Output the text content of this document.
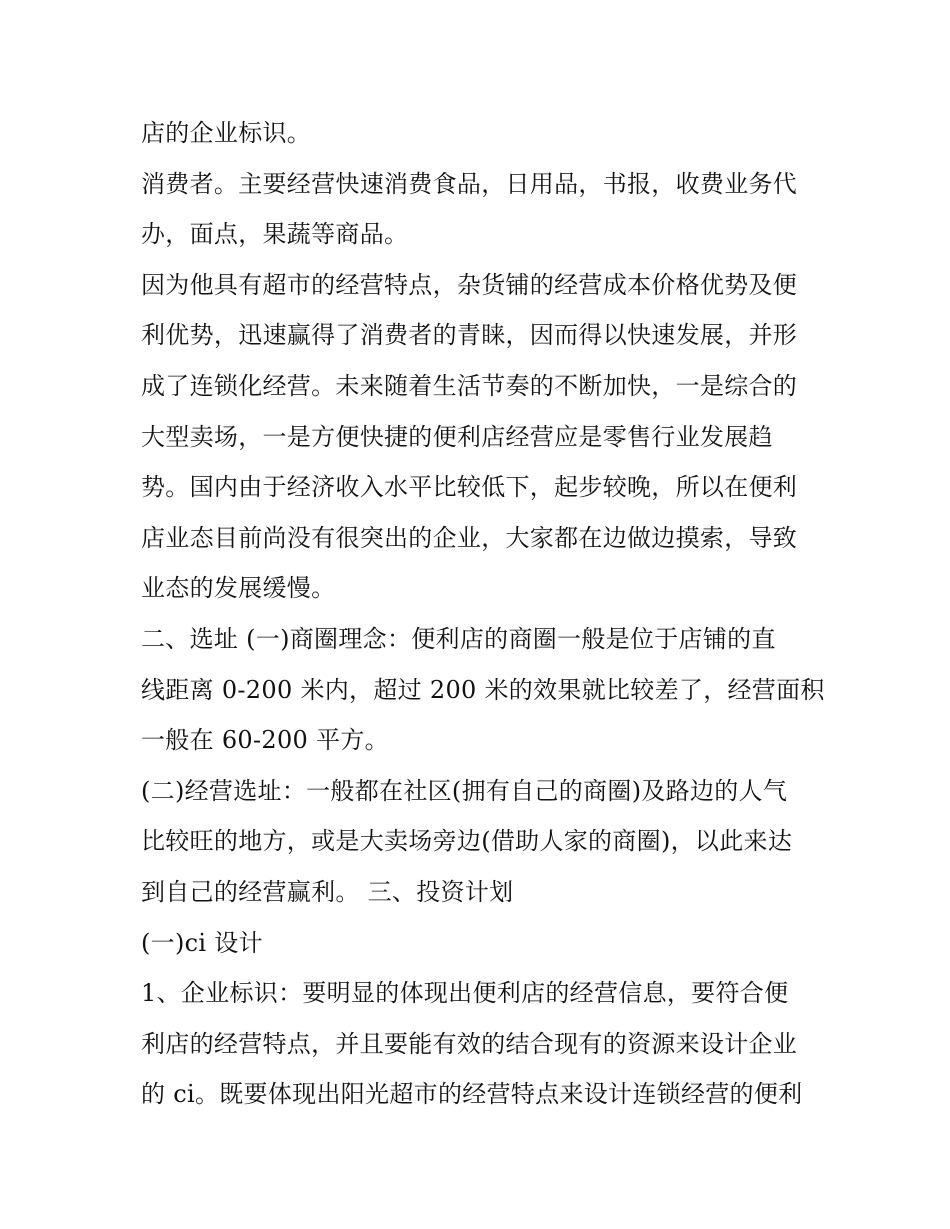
店的企业标识。
消费者。主要经营快速消费食品，日用品，书报，收费业务代
办，面点，果蔬等商品。
因为他具有超市的经营特点，杂货铺的经营成本价格优势及便
利优势，迅速赢得了消费者的青睐，因而得以快速发展，并形
成了连锁化经营。未来随着生活节奏的不断加快，一是综合的
大型卖场，一是方便快捷的便利店经营应是零售行业发展趋
势。国内由于经济收入水平比较低下，起步较晚，所以在便利
店业态目前尚没有很突出的企业，大家都在边做边摸索，导致
业态的发展缓慢。
二、选址 (一)商圈理念：便利店的商圈一般是位于店铺的直
线距离 0-200 米内，超过 200 米的效果就比较差了，经营面积
一般在 60-200 平方。
(二)经营选址：一般都在社区(拥有自己的商圈)及路边的人气
比较旺的地方，或是大卖场旁边(借助人家的商圈)，以此来达
到自己的经营赢利。 三、投资计划
(一)ci 设计
1、企业标识：要明显的体现出便利店的经营信息，要符合便
利店的经营特点，并且要能有效的结合现有的资源来设计企业
的 ci。既要体现出阳光超市的经营特点来设计连锁经营的便利
